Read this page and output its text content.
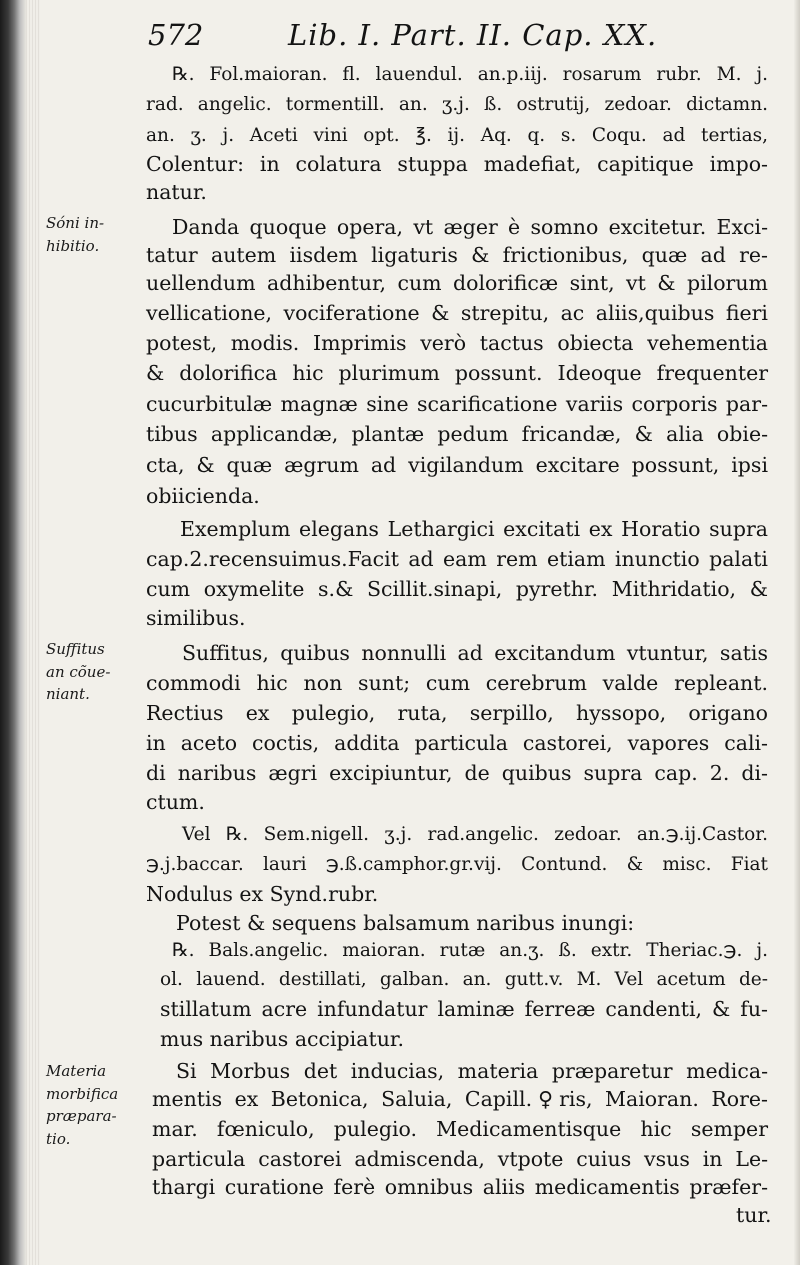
572	Lib. I. Part. II. Cap. XX.
℞. Fol.maioran. fl. lauendul. an.p.iij. rosarum rubr. M. j.
rad. angelic. tormentill. an. ʒ.j. ß. ostrutij, zedoar. dictamn.
an. ʒ. j. Aceti vini opt. ℥. ij. Aq. q. s. Coqu. ad tertias,
Colentur: in colatura stuppa madefiat, capitique impo-
natur.
Danda quoque opera, vt æger è somno excitetur. Exci-
tatur autem iisdem ligaturis & frictionibus, quæ ad re-
uellendum adhibentur, cum dolorificæ sint, vt & pilorum
vellicatione, vociferatione & strepitu, ac aliis,quibus fieri
potest, modis. Imprimis verò tactus obiecta vehementia
& dolorifica hic plurimum possunt. Ideoque frequenter
cucurbitulæ magnæ sine scarificatione variis corporis par-
tibus applicandæ, plantæ pedum fricandæ, & alia obie-
cta, & quæ ægrum ad vigilandum excitare possunt, ipsi
obiicienda.
Exemplum elegans Lethargici excitati ex Horatio supra
cap.2.recensuimus.Facit ad eam rem etiam inunctio palati
cum oxymelite s.& Scillit.sinapi, pyrethr. Mithridatio, &
similibus.
Suffitus, quibus nonnulli ad excitandum vtuntur, satis
commodi hic non sunt; cum cerebrum valde repleant.
Rectius ex pulegio, ruta, serpillo, hyssopo, origano
in aceto coctis, addita particula castorei, vapores cali-
di naribus ægri excipiuntur, de quibus supra cap. 2. di-
ctum.
Vel ℞. Sem.nigell. ʒ.j. rad.angelic. zedoar. an.℈.ij.Castor.
℈.j.baccar. lauri ℈.ß.camphor.gr.vij. Contund. & misc. Fiat
Nodulus ex Synd.rubr.
Potest & sequens balsamum naribus inungi:
℞. Bals.angelic. maioran. rutæ an.ʒ. ß. extr. Theriac.℈. j.
ol. lauend. destillati, galban. an. gutt.v. M. Vel acetum de-
stillatum acre infundatur laminæ ferreæ candenti, & fu-
mus naribus accipiatur.
Si Morbus det inducias, materia præparetur medica-
mentis ex Betonica, Saluia, Capill.♀ris, Maioran. Rore-
mar. fœniculo, pulegio. Medicamentisque hic semper
particula castorei admiscenda, vtpote cuius vsus in Le-
thargi curatione ferè omnibus aliis medicamentis præfer-
tur.
Sóni in-
hibitio.
Suffitus
an cõue-
niant.
Materia
morbifica
præpara-
tio.
